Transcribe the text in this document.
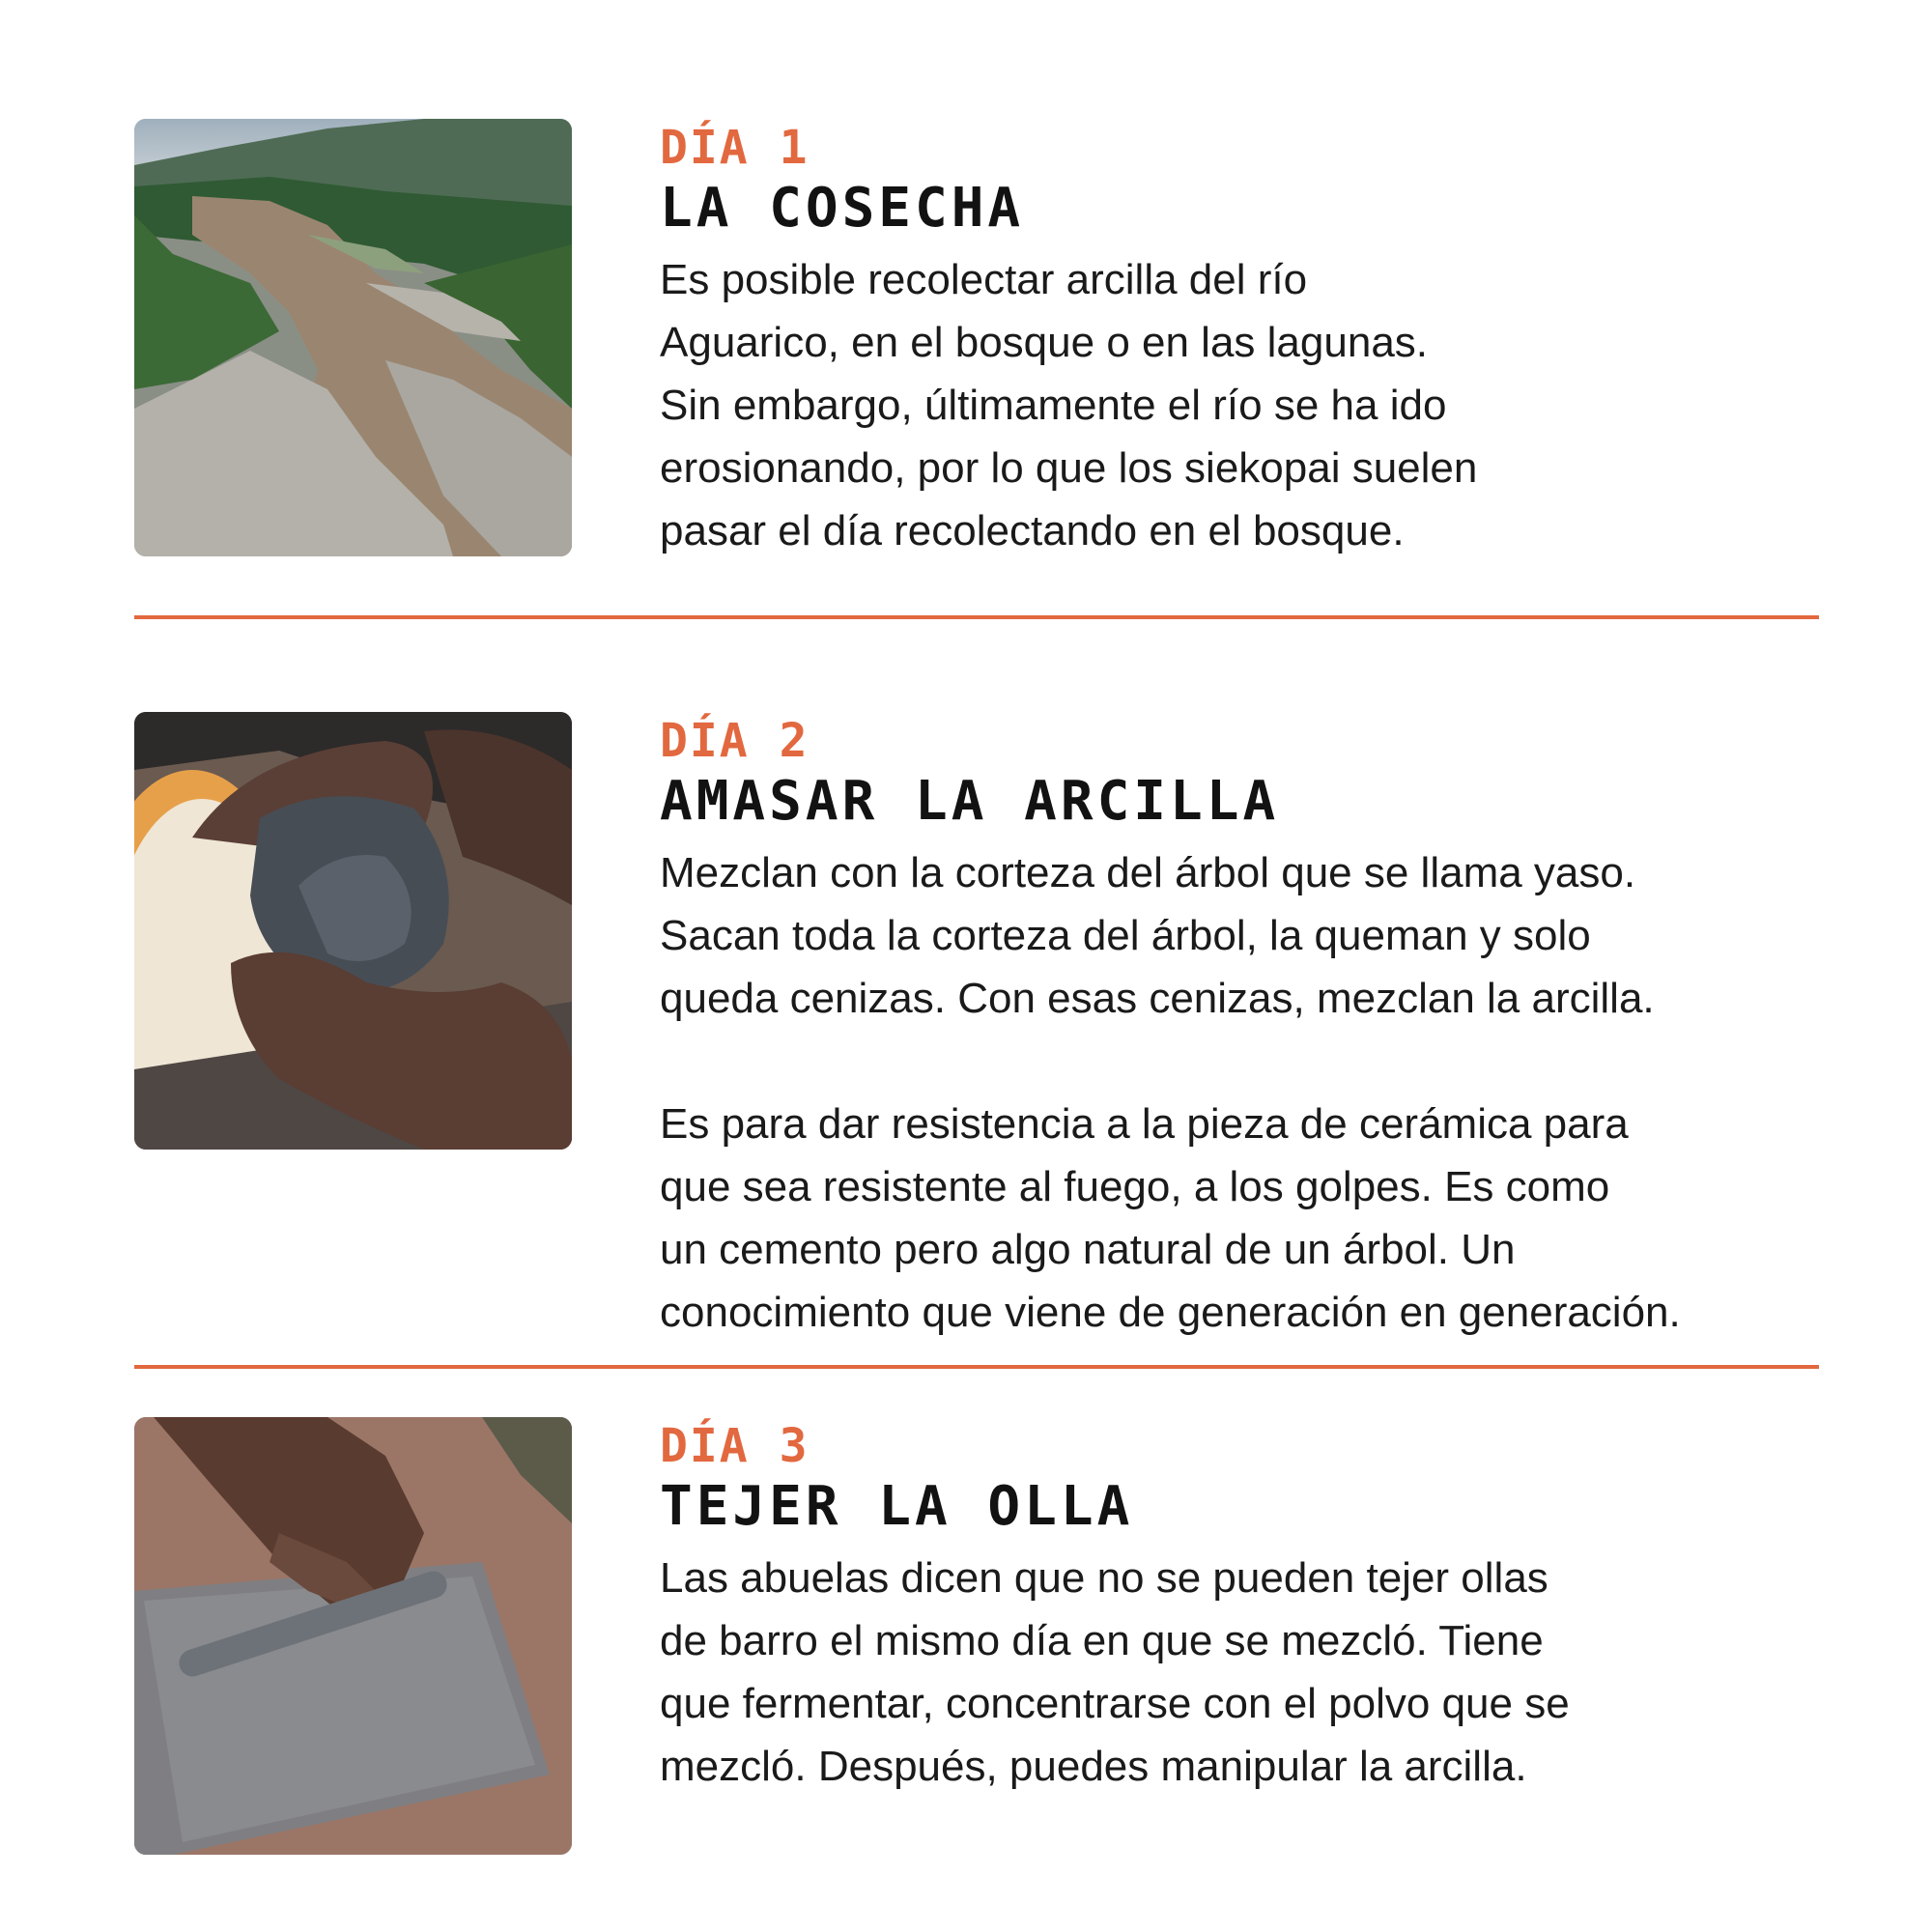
DÍA 1
LA COSECHA
Es posible recolectar arcilla del río
Aguarico, en el bosque o en las lagunas.
Sin embargo, últimamente el río se ha ido
erosionando, por lo que los siekopai suelen
pasar el día recolectando en el bosque.
DÍA 2
AMASAR LA ARCILLA
Mezclan con la corteza del árbol que se llama yaso.
Sacan toda la corteza del árbol, la queman y solo
queda cenizas. Con esas cenizas, mezclan la arcilla.
Es para dar resistencia a la pieza de cerámica para
que sea resistente al fuego, a los golpes. Es como
un cemento pero algo natural de un árbol. Un
conocimiento que viene de generación en generación.
DÍA 3
TEJER LA OLLA
Las abuelas dicen que no se pueden tejer ollas
de barro el mismo día en que se mezcló. Tiene
que fermentar, concentrarse con el polvo que se
mezcló. Después, puedes manipular la arcilla.
